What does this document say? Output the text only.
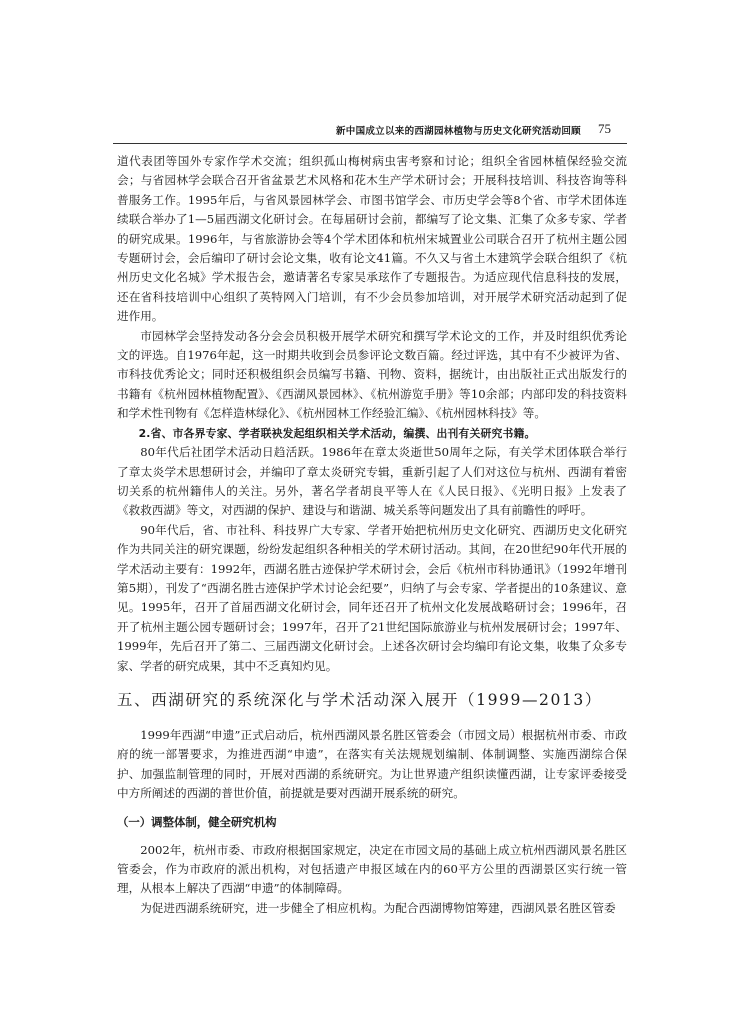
新中国成立以来的西湖园林植物与历史文化研究活动回顾 75

道代表团等国外专家作学术交流；组织孤山梅树病虫害考察和讨论；组织全省园林植保经验交流会；与省园林学会联合召开省盆景艺术风格和花木生产学术研讨会；开展科技培训、科技咨询等科普服务工作。1995年后，与省风景园林学会、市图书馆学会、市历史学会等8个省、市学术团体连续联合举办了1—5届西湖文化研讨会。在每届研讨会前，都编写了论文集、汇集了众多专家、学者的研究成果。1996年，与省旅游协会等4个学术团体和杭州宋城置业公司联合召开了杭州主题公园专题研讨会，会后编印了研讨会论文集，收有论文41篇。不久又与省土木建筑学会联合组织了《杭州历史文化名城》学术报告会，邀请著名专家吴承玹作了专题报告。为适应现代信息科技的发展，还在省科技培训中心组织了英特网入门培训，有不少会员参加培训，对开展学术研究活动起到了促进作用。

市园林学会坚持发动各分会会员积极开展学术研究和撰写学术论文的工作，并及时组织优秀论文的评选。自1976年起，这一时期共收到会员参评论文数百篇。经过评选，其中有不少被评为省、市科技优秀论文；同时还积极组织会员编写书籍、刊物、资料，据统计，由出版社正式出版发行的书籍有《杭州园林植物配置》、《西湖风景园林》、《杭州游览手册》等10余部；内部印发的科技资料和学术性刊物有《怎样造林绿化》、《杭州园林工作经验汇编》、《杭州园林科技》等。

2.省、市各界专家、学者联袂发起组织相关学术活动，编撰、出刊有关研究书籍。

80年代后社团学术活动日趋活跃。1986年在章太炎逝世50周年之际，有关学术团体联合举行了章太炎学术思想研讨会，并编印了章太炎研究专辑，重新引起了人们对这位与杭州、西湖有着密切关系的杭州籍伟人的关注。另外，著名学者胡良平等人在《人民日报》、《光明日报》上发表了《救救西湖》等文，对西湖的保护、建设与和谐湖、城关系等问题发出了具有前瞻性的呼吁。

90年代后，省、市社科、科技界广大专家、学者开始把杭州历史文化研究、西湖历史文化研究作为共同关注的研究课题，纷纷发起组织各种相关的学术研讨活动。其间，在20世纪90年代开展的学术活动主要有：1992年，西湖名胜古迹保护学术研讨会，会后《杭州市科协通讯》（1992年增刊第5期），刊发了“西湖名胜古迹保护学术讨论会纪要”，归纳了与会专家、学者提出的10条建议、意见。1995年，召开了首届西湖文化研讨会，同年还召开了杭州文化发展战略研讨会；1996年，召开了杭州主题公园专题研讨会；1997年，召开了21世纪国际旅游业与杭州发展研讨会；1997年、1999年，先后召开了第二、三届西湖文化研讨会。上述各次研讨会均编印有论文集，收集了众多专家、学者的研究成果，其中不乏真知灼见。

五、西湖研究的系统深化与学术活动深入展开（1999—2013）

1999年西湖“申遗”正式启动后，杭州西湖风景名胜区管委会（市园文局）根据杭州市委、市政府的统一部署要求，为推进西湖“申遗”，在落实有关法规规划编制、体制调整、实施西湖综合保护、加强监制管理的同时，开展对西湖的系统研究。为让世界遗产组织读懂西湖，让专家评委接受中方所阐述的西湖的普世价值，前提就是要对西湖开展系统的研究。

（一）调整体制，健全研究机构

2002年，杭州市委、市政府根据国家规定，决定在市园文局的基础上成立杭州西湖风景名胜区管委会，作为市政府的派出机构，对包括遗产申报区域在内的60平方公里的西湖景区实行统一管理，从根本上解决了西湖“申遗”的体制障碍。

为促进西湖系统研究，进一步健全了相应机构。为配合西湖博物馆筹建，西湖风景名胜区管委
